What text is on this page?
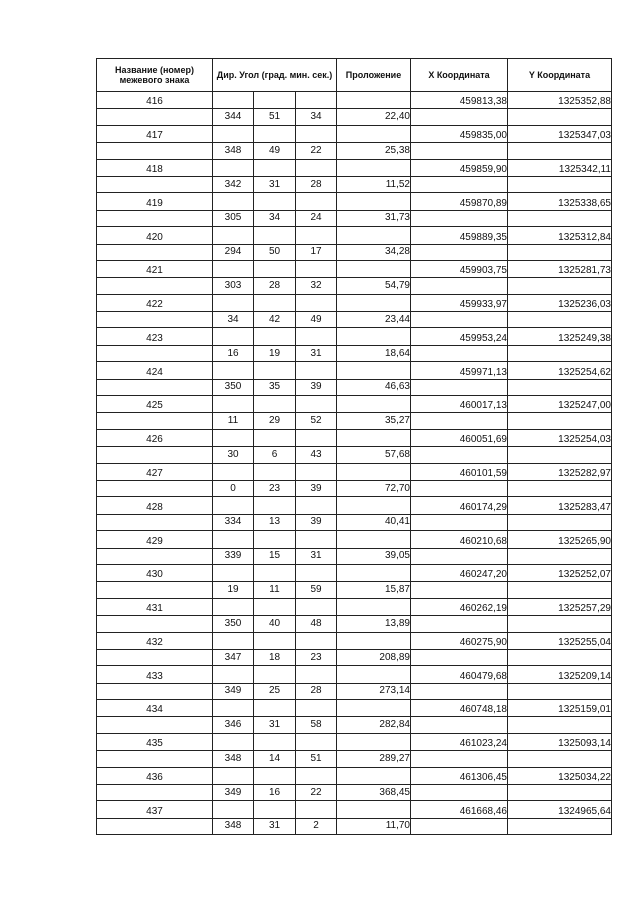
Название (номер) межевого знака	Дир. Угол (град. мин. сек.)			Проложение	X Координата	Y Координата
416					459813,38	1325352,88
	344	51	34	22,40		
417					459835,00	1325347,03
	348	49	22	25,38		
418					459859,90	1325342,11
	342	31	28	11,52		
419					459870,89	1325338,65
	305	34	24	31,73		
420					459889,35	1325312,84
	294	50	17	34,28		
421					459903,75	1325281,73
	303	28	32	54,79		
422					459933,97	1325236,03
	34	42	49	23,44		
423					459953,24	1325249,38
	16	19	31	18,64		
424					459971,13	1325254,62
	350	35	39	46,63		
425					460017,13	1325247,00
	11	29	52	35,27		
426					460051,69	1325254,03
	30	6	43	57,68		
427					460101,59	1325282,97
	0	23	39	72,70		
428					460174,29	1325283,47
	334	13	39	40,41		
429					460210,68	1325265,90
	339	15	31	39,05		
430					460247,20	1325252,07
	19	11	59	15,87		
431					460262,19	1325257,29
	350	40	48	13,89		
432					460275,90	1325255,04
	347	18	23	208,89		
433					460479,68	1325209,14
	349	25	28	273,14		
434					460748,18	1325159,01
	346	31	58	282,84		
435					461023,24	1325093,14
	348	14	51	289,27		
436					461306,45	1325034,22
	349	16	22	368,45		
437					461668,46	1324965,64
	348	31	2	11,70		
